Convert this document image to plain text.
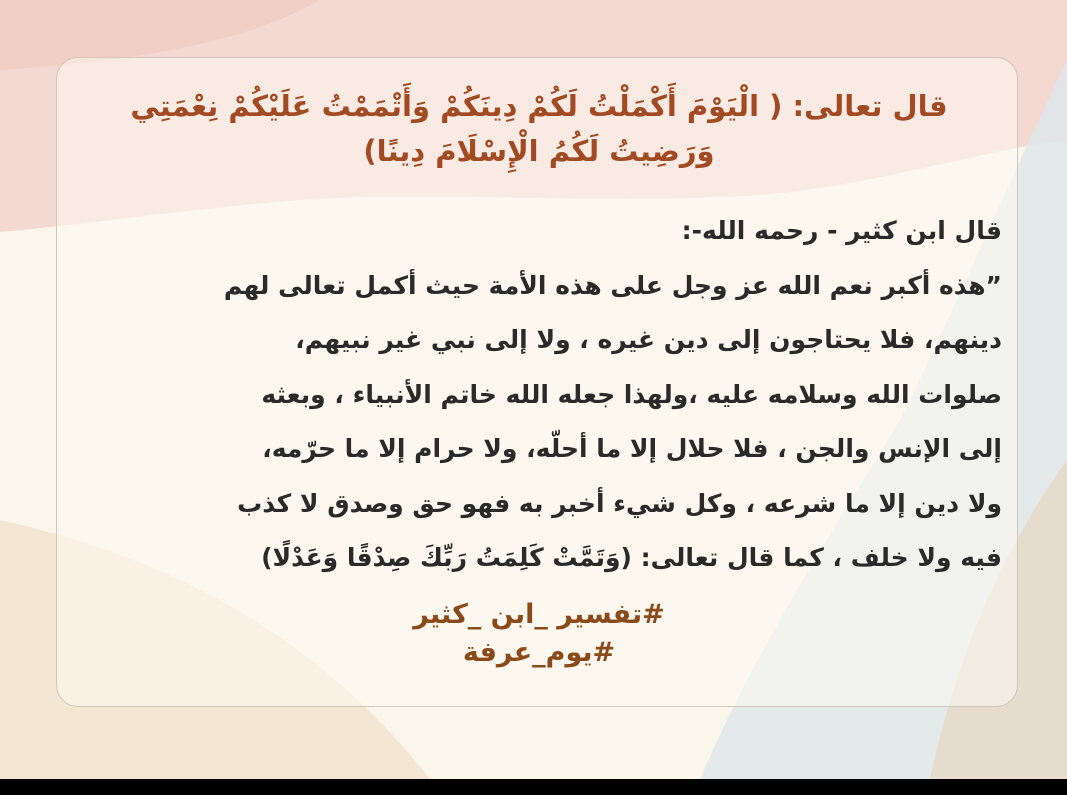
قال تعالى: ( الْيَوْمَ أَكْمَلْتُ لَكُمْ دِينَكُمْ وَأَتْمَمْتُ عَلَيْكُمْ نِعْمَتِي
وَرَضِيتُ لَكُمُ الْإِسْلَامَ دِينًا)
قال ابن كثير - رحمه الله-:
”هذه أكبر نعم الله عز وجل على هذه الأمة حيث أكمل تعالى لهم
دينهم، فلا يحتاجون إلى دين غيره ، ولا إلى نبي غير نبيهم،
صلوات الله وسلامه عليه ،ولهذا جعله الله خاتم الأنبياء ، وبعثه
إلى الإنس والجن ، فلا حلال إلا ما أحلّه، ولا حرام إلا ما حرّمه،
ولا دين إلا ما شرعه ، وكل شيء أخبر به فهو حق وصدق لا كذب
فيه ولا خلف ، كما قال تعالى: (وَتَمَّتْ كَلِمَتُ رَبِّكَ صِدْقًا وَعَدْلًا)
#تفسير _ابن _كثير
#يوم_عرفة
